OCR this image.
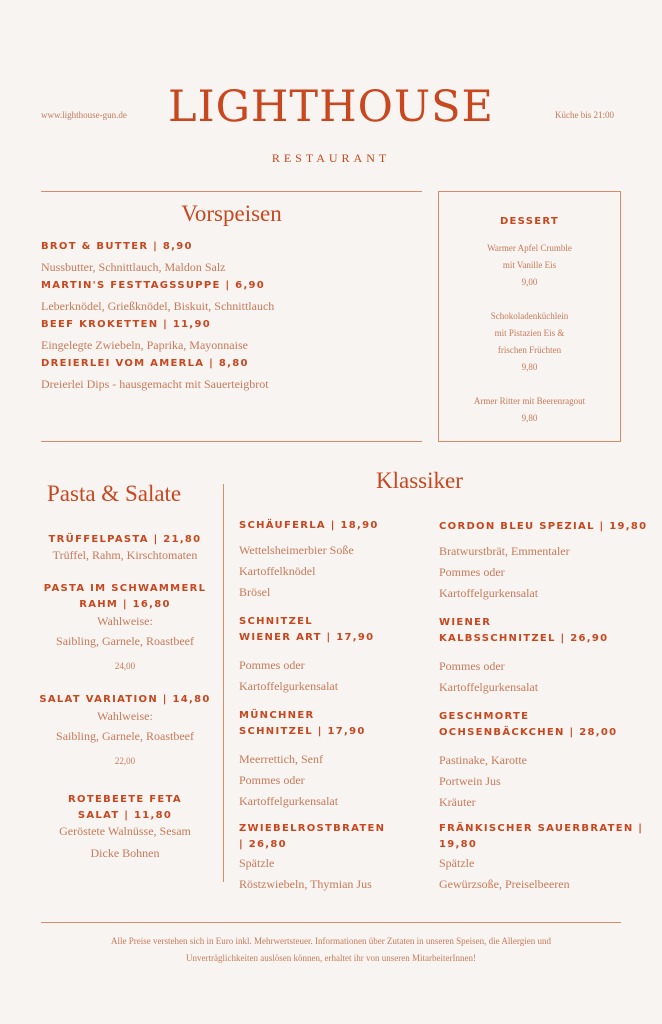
www.lighthouse-gun.de LIGHTHOUSE	Küche bis 21:00
RESTAURANT
Vorspeisen
BROT & BUTTER | 8,90
Nussbutter, Schnittlauch, Maldon Salz
MARTIN'S FESTTAGSSUPPE | 6,90
Leberknödel, Grießknödel, Biskuit, Schnittlauch
BEEF KROKETTEN | 11,90
Eingelegte Zwiebeln, Paprika, Mayonnaise
DREIERLEI VOM AMERLA | 8,80
Dreierlei Dips - hausgemacht mit Sauerteigbrot
DESSERT
Warmer Apfel Crumble
mit Vanille Eis
9,00
Schokoladenküchlein
mit Pistazien Eis &
frischen Früchten
9,80
Armer Ritter mit Beerenragout
9,80
Pasta & Salate
TRÜFFELPASTA | 21,80
Trüffel, Rahm, Kirschtomaten
PASTA IM SCHWAMMERL
RAHM | 16,80
Wahlweise:
Saibling, Garnele, Roastbeef
24,00
SALAT VARIATION | 14,80
Wahlweise:
Saibling, Garnele, Roastbeef
22,00
ROTEBEETE FETA
SALAT | 11,80
Geröstete Walnüsse, Sesam
Dicke Bohnen
Klassiker
SCHÄUFERLA | 18,90
Wettelsheimerbier Soße
Kartoffelknödel
Brösel
SCHNITZEL
WIENER ART | 17,90
Pommes oder
Kartoffelgurkensalat
MÜNCHNER
SCHNITZEL | 17,90
Meerrettich, Senf
Pommes oder
Kartoffelgurkensalat
ZWIEBELROSTBRATEN
| 26,80
Spätzle
Röstzwiebeln, Thymian Jus
CORDON BLEU SPEZIAL | 19,80
Bratwurstbrät, Emmentaler
Pommes oder
Kartoffelgurkensalat
WIENER
KALBSSCHNITZEL | 26,90
Pommes oder
Kartoffelgurkensalat
GESCHMORTE
OCHSENBÄCKCHEN | 28,00
Pastinake, Karotte
Portwein Jus
Kräuter
FRÄNKISCHER SAUERBRATEN |
19,80
Spätzle
Gewürzsoße, Preiselbeeren
Alle Preise verstehen sich in Euro inkl. Mehrwertsteuer. Informationen über Zutaten in unseren Speisen, die Allergien und
Unverträglichkeiten auslösen können, erhaltet ihr von unseren MitarbeiterInnen!
